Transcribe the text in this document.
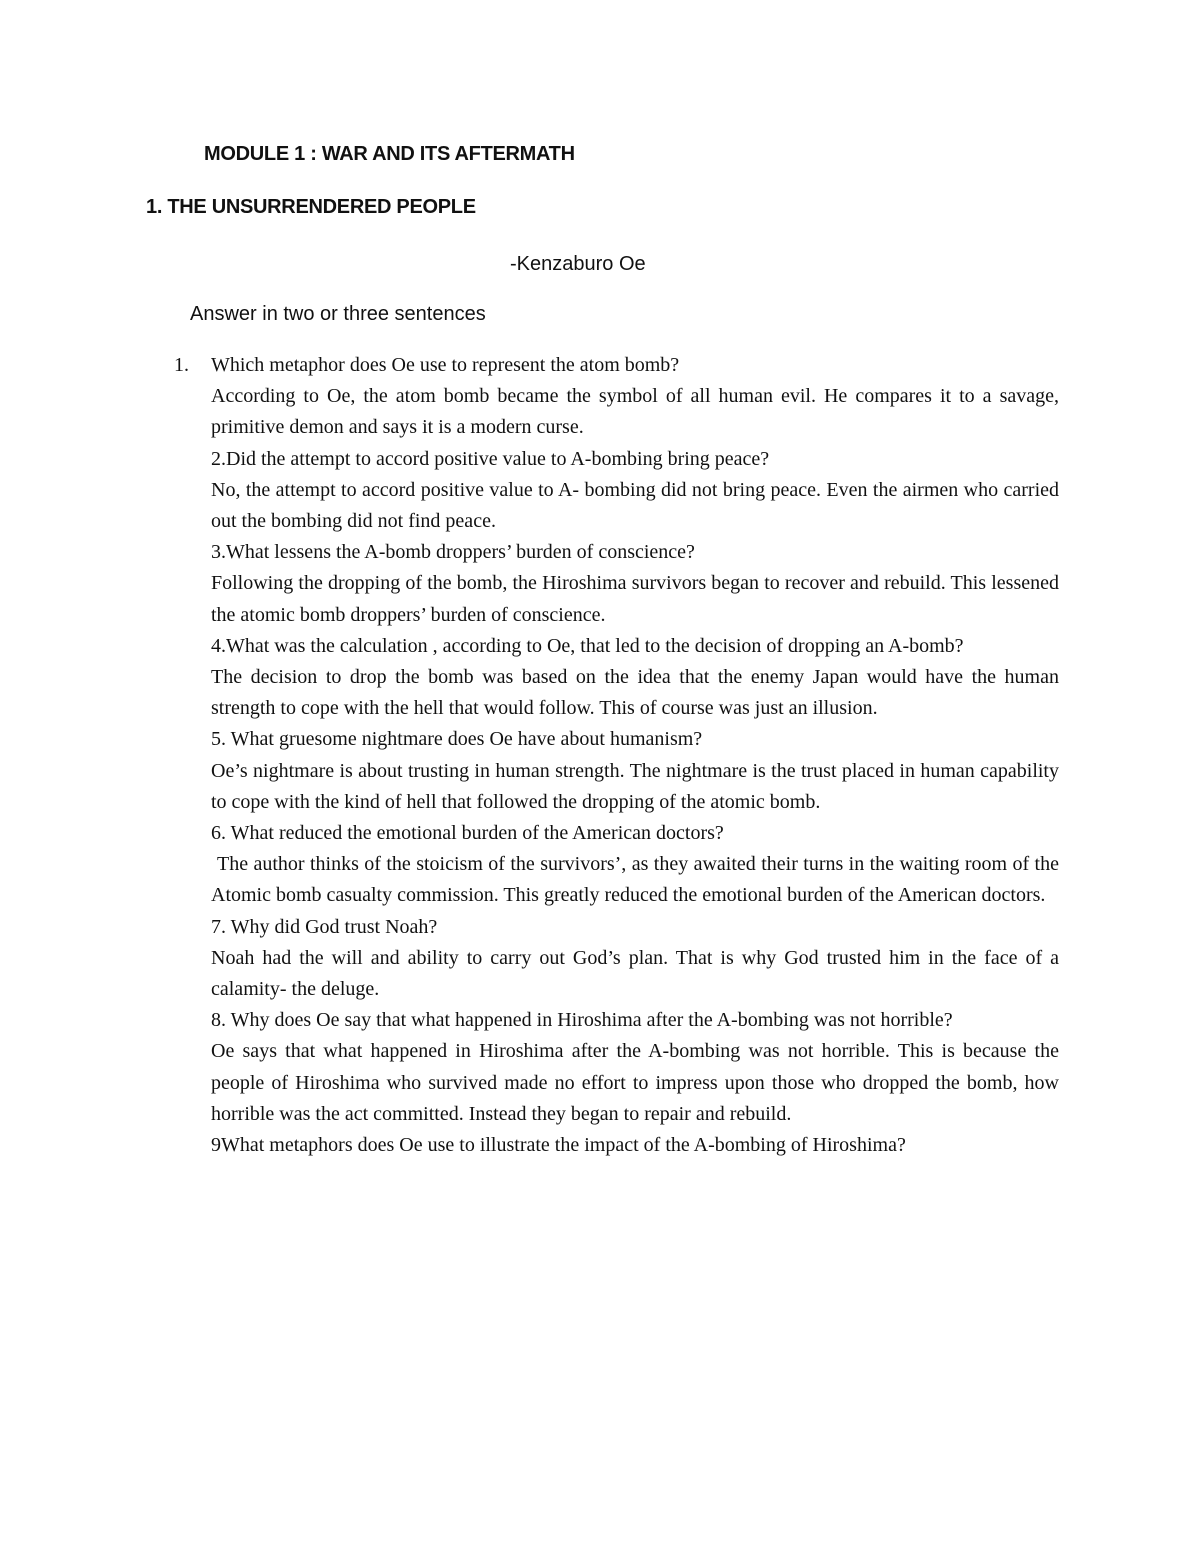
MODULE 1 : WAR AND ITS AFTERMATH
1. THE UNSURRENDERED PEOPLE
-Kenzaburo Oe
Answer in two or three sentences

1. Which metaphor does Oe use to represent the atom bomb?

According to Oe, the atom bomb became the symbol of all human evil. He compares it to a savage, primitive demon and says it is a modern curse.

2.Did the attempt to accord positive value to A-bombing bring peace?

No, the attempt to accord positive value to A- bombing did not bring peace. Even the airmen who carried out the bombing did not find peace.

3.What lessens the A-bomb droppers’ burden of conscience?

Following the dropping of the bomb, the Hiroshima survivors began to recover and rebuild. This lessened the atomic bomb droppers’ burden of conscience.

4.What was the calculation , according to Oe, that led to the decision of dropping an A-bomb?

The decision to drop the bomb was based on the idea that the enemy Japan would have the human strength to cope with the hell that would follow. This of course was just an illusion.

5. What gruesome nightmare does Oe have about humanism?

Oe’s nightmare is about trusting in human strength. The nightmare is the trust placed in human capability to cope with the kind of hell that followed the dropping of the atomic bomb.

6. What reduced the emotional burden of the American doctors?

The author thinks of the stoicism of the survivors’, as they awaited their turns in the waiting room of the Atomic bomb casualty commission. This greatly reduced the emotional burden of the American doctors.

7. Why did God trust Noah?

Noah had the will and ability to carry out God’s plan. That is why God trusted him in the face of a calamity- the deluge.

8. Why does Oe say that what happened in Hiroshima after the A-bombing was not horrible?

Oe says that what happened in Hiroshima after the A-bombing was not horrible. This is because the people of Hiroshima who survived made no effort to impress upon those who dropped the bomb, how horrible was the act committed. Instead they began to repair and rebuild.

9What metaphors does Oe use to illustrate the impact of the A-bombing of Hiroshima?
